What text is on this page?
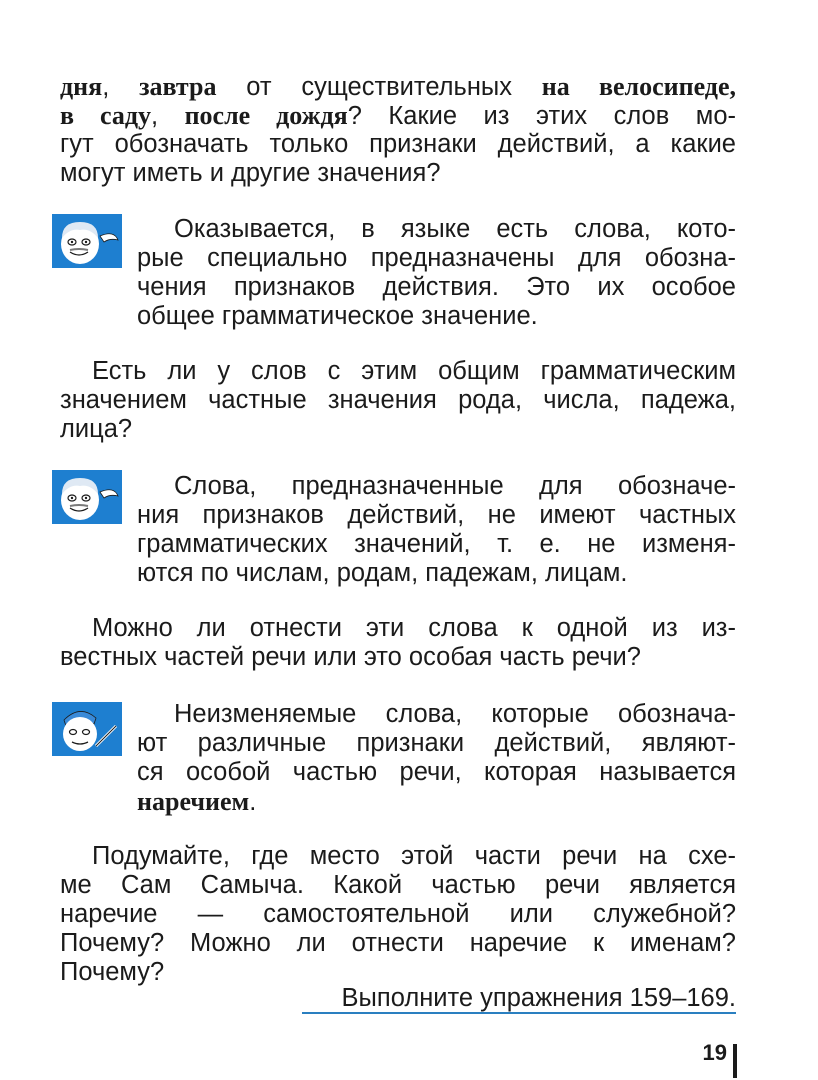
дня, завтра от существительных на велосипеде,
в саду, после дождя? Какие из этих слов мо-
гут обозначать только признаки действий, а какие
могут иметь и другие значения?
Оказывается, в языке есть слова, кото-
рые специально предназначены для обозна-
чения признаков действия. Это их особое
общее грамматическое значение.
Есть ли у слов с этим общим грамматическим
значением частные значения рода, числа, падежа,
лица?
Слова, предназначенные для обозначе-
ния признаков действий, не имеют частных
грамматических значений, т. е. не изменя-
ются по числам, родам, падежам, лицам.
Можно ли отнести эти слова к одной из из-
вестных частей речи или это особая часть речи?
Неизменяемые слова, которые обознача-
ют различные признаки действий, являют-
ся особой частью речи, которая называется
наречием.
Подумайте, где место этой части речи на схе-
ме Сам Самыча. Какой частью речи является
наречие — самостоятельной или служебной?
Почему? Можно ли отнести наречие к именам?
Почему?
Выполните упражнения 159–169.
19
